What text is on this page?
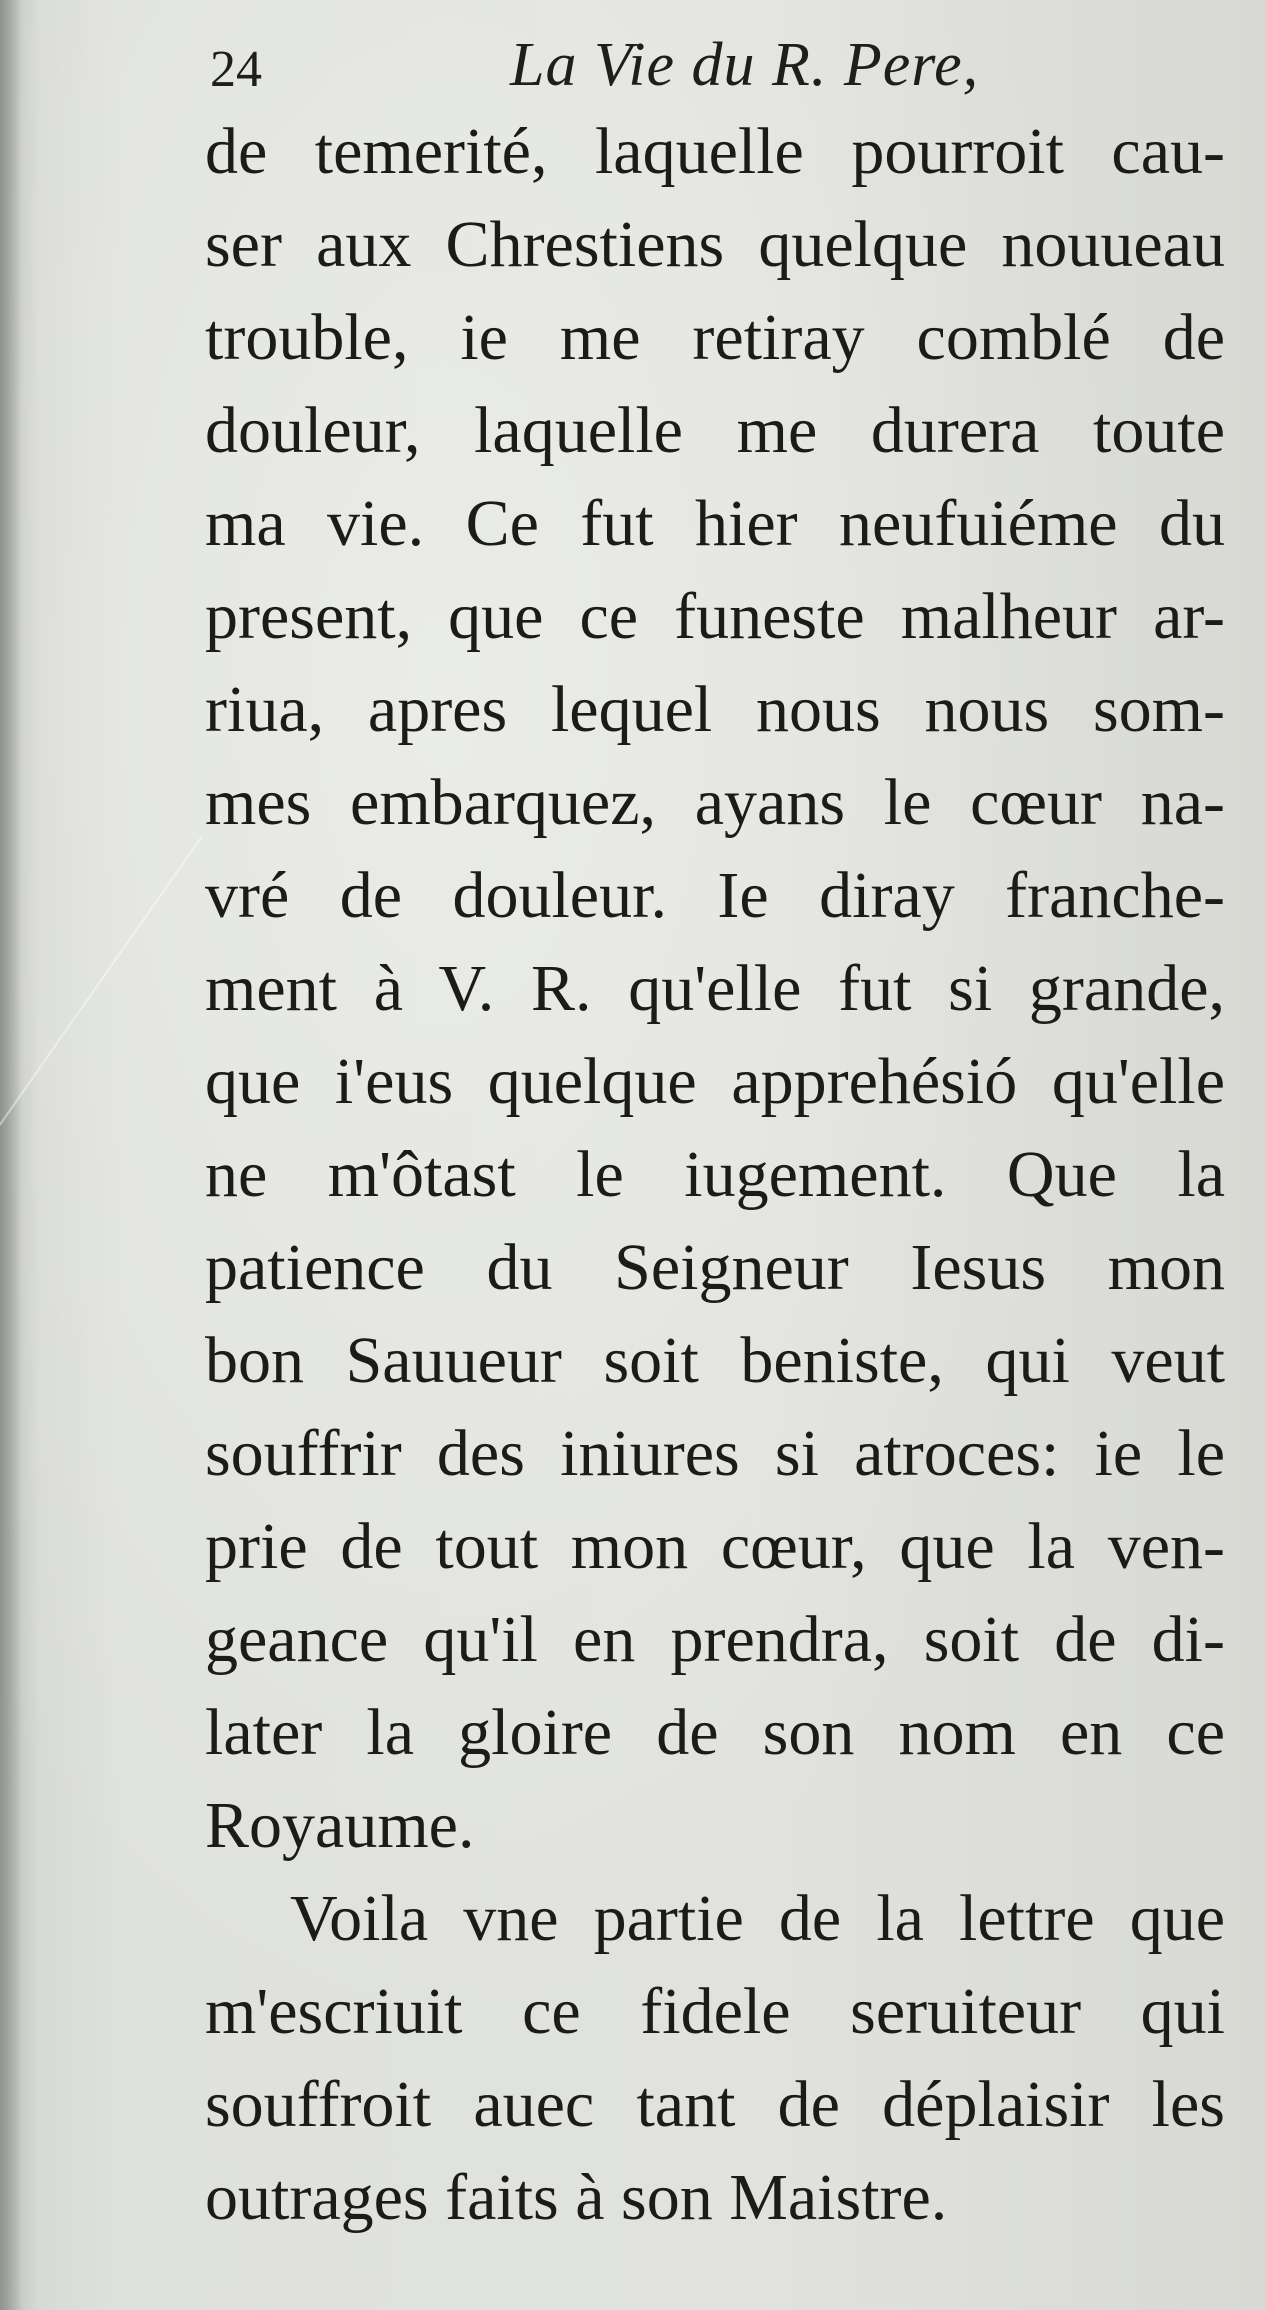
24	La Vie du R. Pere,
de temerité, laquelle pourroit cau-
ser aux Chrestiens quelque nouueau
trouble, ie me retiray comblé de
douleur, laquelle me durera toute
ma vie. Ce fut hier neufuiéme du
present, que ce funeste malheur ar-
riua, apres lequel nous nous som-
mes embarquez, ayans le cœur na-
vré de douleur. Ie diray franche-
ment à V. R. qu'elle fut si grande,
que i'eus quelque apprehésió qu'elle
ne m'ôtast le iugement. Que la
patience du Seigneur Iesus mon
bon Sauueur soit beniste, qui veut
souffrir des iniures si atroces: ie le
prie de tout mon cœur, que la ven-
geance qu'il en prendra, soit de di-
later la gloire de son nom en ce
Royaume.
Voila vne partie de la lettre que
m'escriuit ce fidele seruiteur qui
souffroit auec tant de déplaisir les
outrages faits à son Maistre.
